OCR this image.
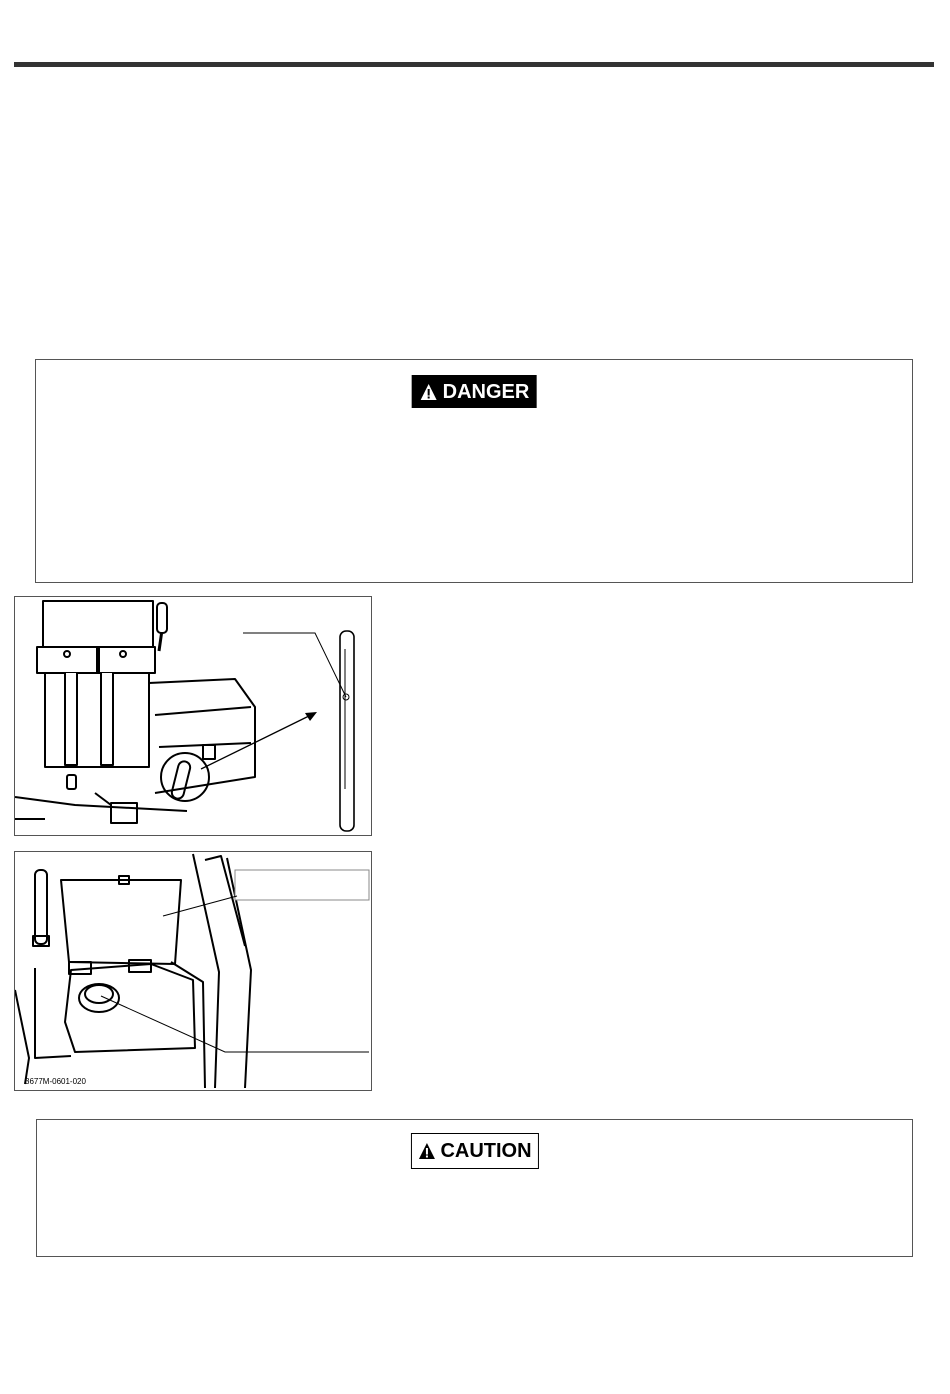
DANGER
3677M-0601-020
CAUTION
